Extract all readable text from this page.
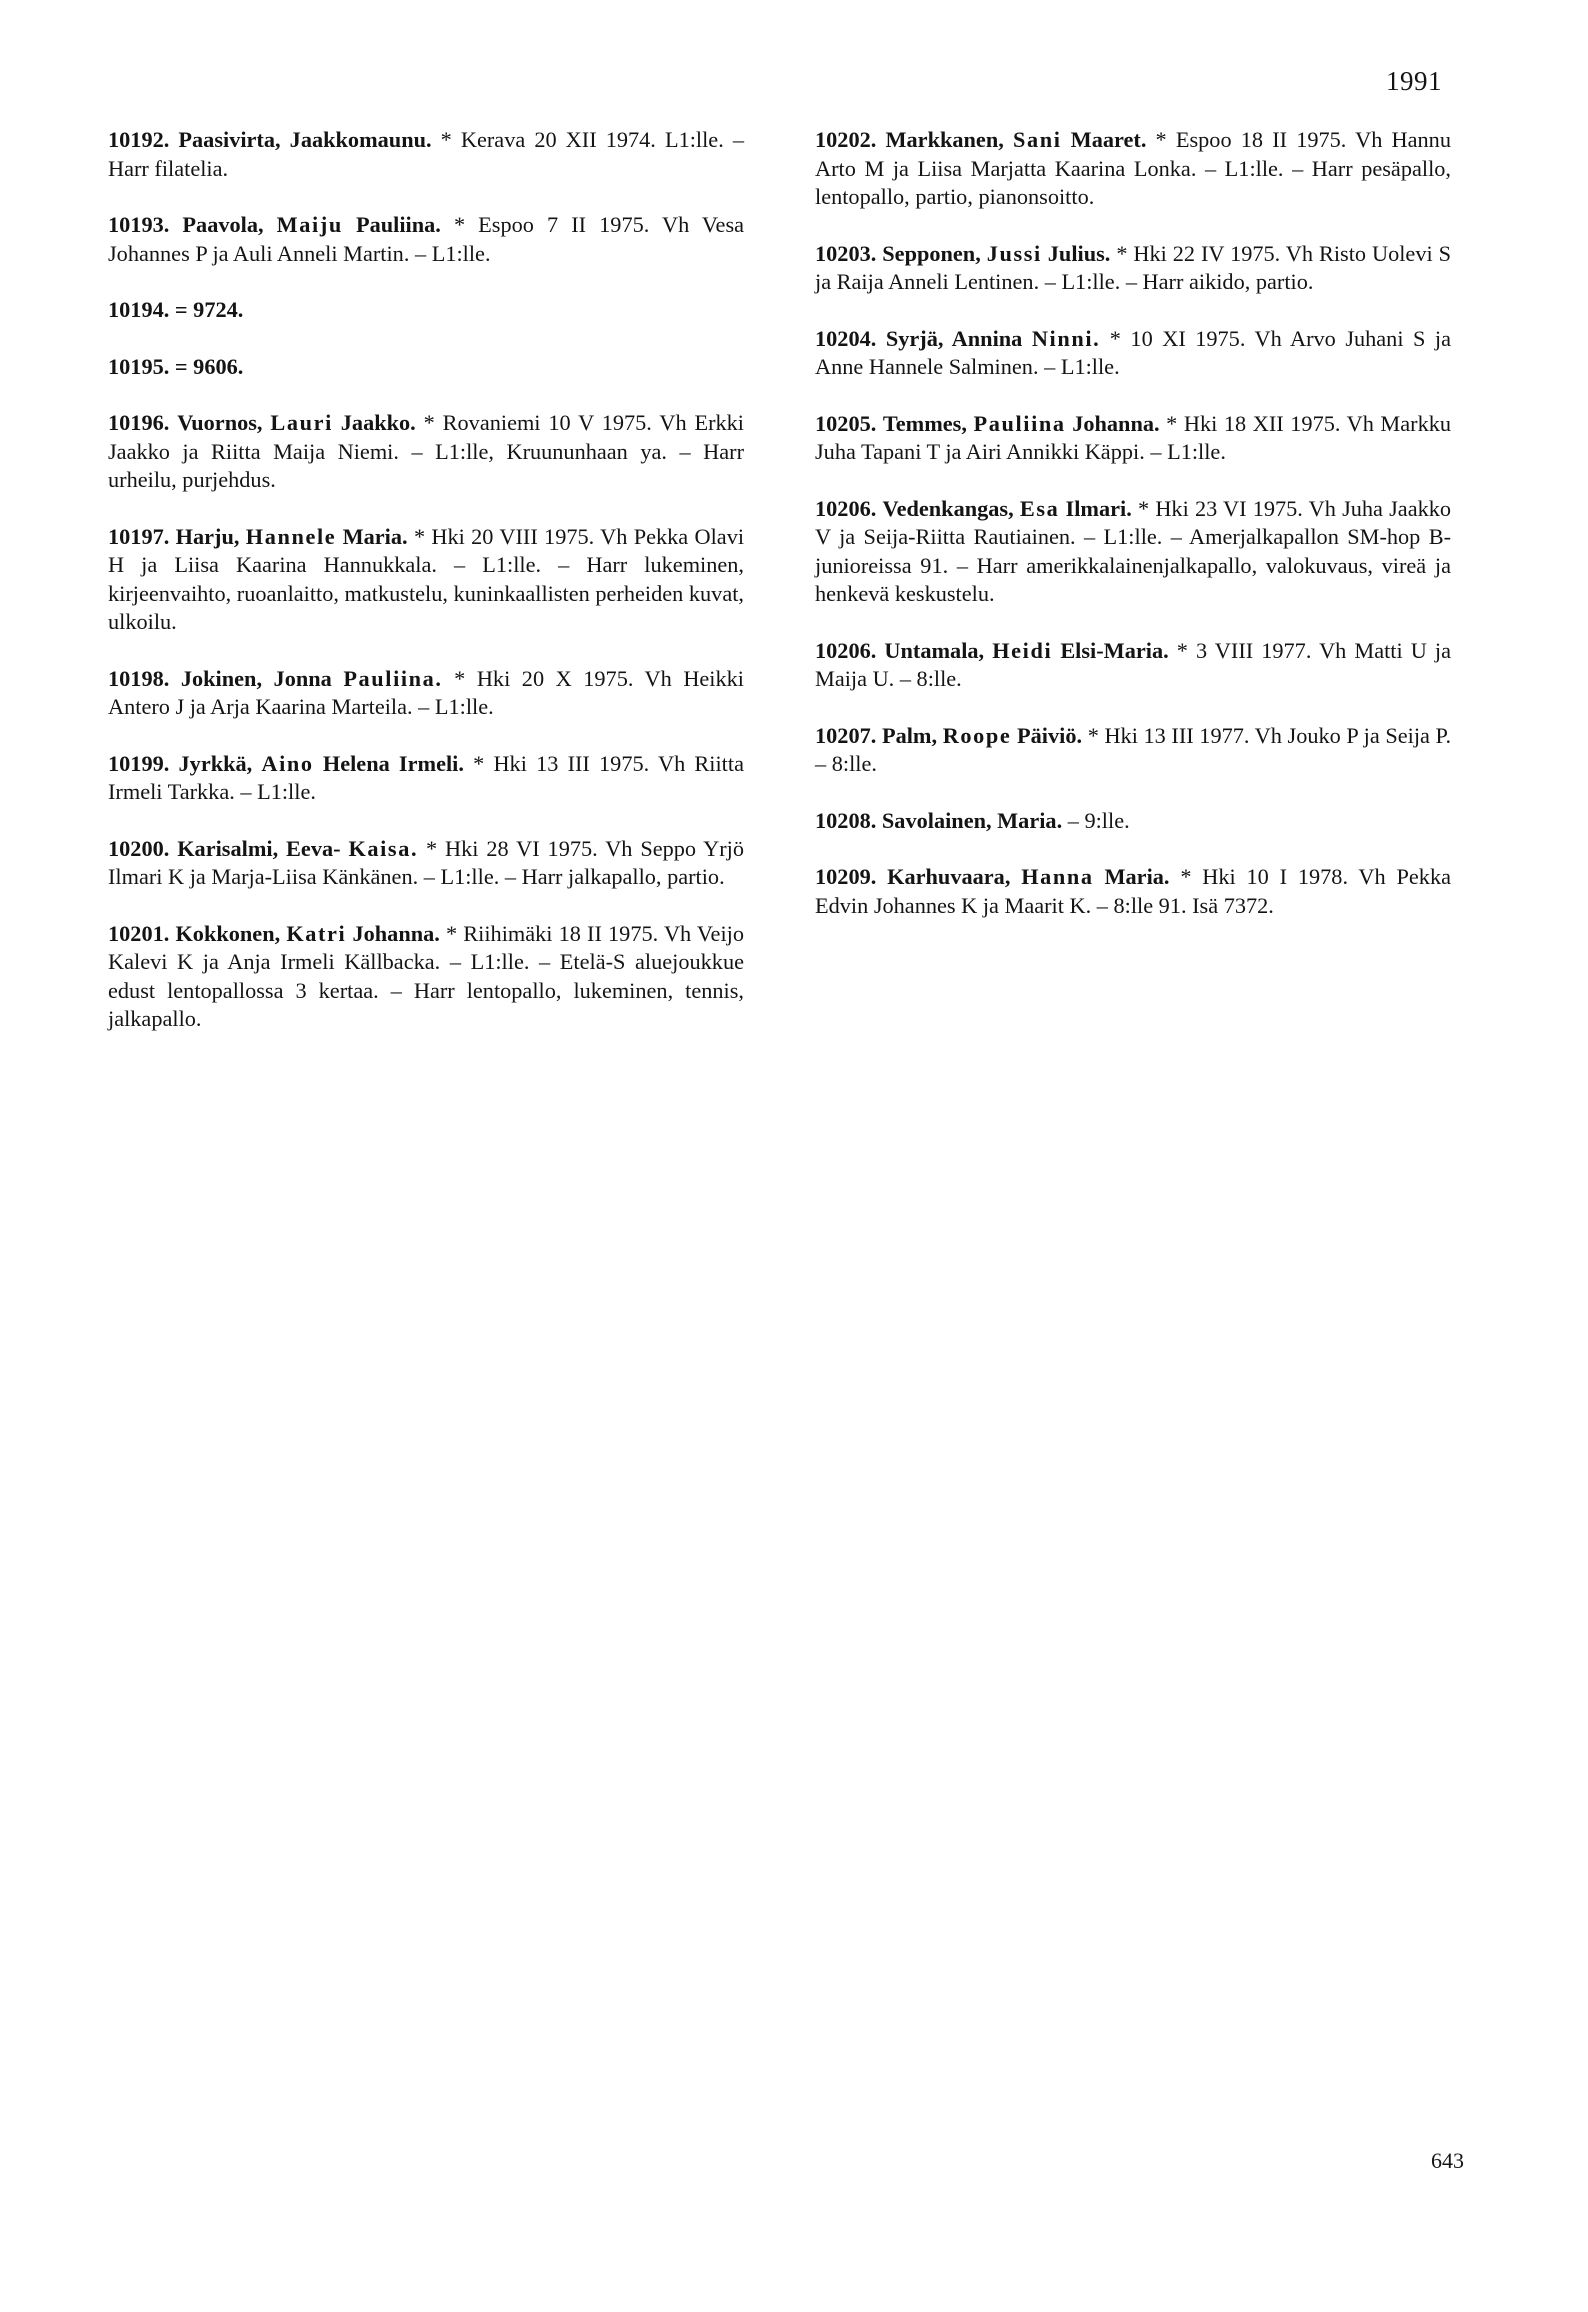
1991

10192. Paasivirta, Jaakkomaunu. * Kerava 20 XII 1974. L1:lle. – Harr filatelia.

10193. Paavola, Maiju Pauliina. * Espoo 7 II 1975. Vh Vesa Johannes P ja Auli Anneli Martin. – L1:lle.

10194. = 9724.

10195. = 9606.

10196. Vuornos, Lauri Jaakko. * Rovaniemi 10 V 1975. Vh Erkki Jaakko ja Riitta Maija Niemi. – L1:lle, Kruununhaan ya. – Harr urheilu, purjehdus.

10197. Harju, Hannele Maria. * Hki 20 VIII 1975. Vh Pekka Olavi H ja Liisa Kaarina Hannukkala. – L1:lle. – Harr lukeminen, kirjeenvaihto, ruoanlaitto, matkustelu, kuninkaallisten perheiden kuvat, ulkoilu.

10198. Jokinen, Jonna Pauliina. * Hki 20 X 1975. Vh Heikki Antero J ja Arja Kaarina Marteila. – L1:lle.

10199. Jyrkkä, Aino Helena Irmeli. * Hki 13 III 1975. Vh Riitta Irmeli Tarkka. – L1:lle.

10200. Karisalmi, Eeva- Kaisa. * Hki 28 VI 1975. Vh Seppo Yrjö Ilmari K ja Marja-Liisa Känkänen. – L1:lle. – Harr jalkapallo, partio.

10201. Kokkonen, Katri Johanna. * Riihimäki 18 II 1975. Vh Veijo Kalevi K ja Anja Irmeli Källbacka. – L1:lle. – Etelä-S aluejoukkue edust lentopallossa 3 kertaa. – Harr lentopallo, lukeminen, tennis, jalkapallo.

10202. Markkanen, Sani Maaret. * Espoo 18 II 1975. Vh Hannu Arto M ja Liisa Marjatta Kaarina Lonka. – L1:lle. – Harr pesäpallo, lentopallo, partio, pianonsoitto.

10203. Sepponen, Jussi Julius. * Hki 22 IV 1975. Vh Risto Uolevi S ja Raija Anneli Lentinen. – L1:lle. – Harr aikido, partio.

10204. Syrjä, Annina Ninni. * 10 XI 1975. Vh Arvo Juhani S ja Anne Hannele Salminen. – L1:lle.

10205. Temmes, Pauliina Johanna. * Hki 18 XII 1975. Vh Markku Juha Tapani T ja Airi Annikki Käppi. – L1:lle.

10206. Vedenkangas, Esa Ilmari. * Hki 23 VI 1975. Vh Juha Jaakko V ja Seija-Riitta Rautiainen. – L1:lle. – Amerjalkapallon SM-hop B-junioreissa 91. – Harr amerikkalainenjalkapallo, valokuvaus, vireä ja henkevä keskustelu.

10206. Untamala, Heidi Elsi-Maria. * 3 VIII 1977. Vh Matti U ja Maija U. – 8:lle.

10207. Palm, Roope Päiviö. * Hki 13 III 1977. Vh Jouko P ja Seija P. – 8:lle.

10208. Savolainen, Maria. – 9:lle.

10209. Karhuvaara, Hanna Maria. * Hki 10 I 1978. Vh Pekka Edvin Johannes K ja Maarit K. – 8:lle 91. Isä 7372.

643
